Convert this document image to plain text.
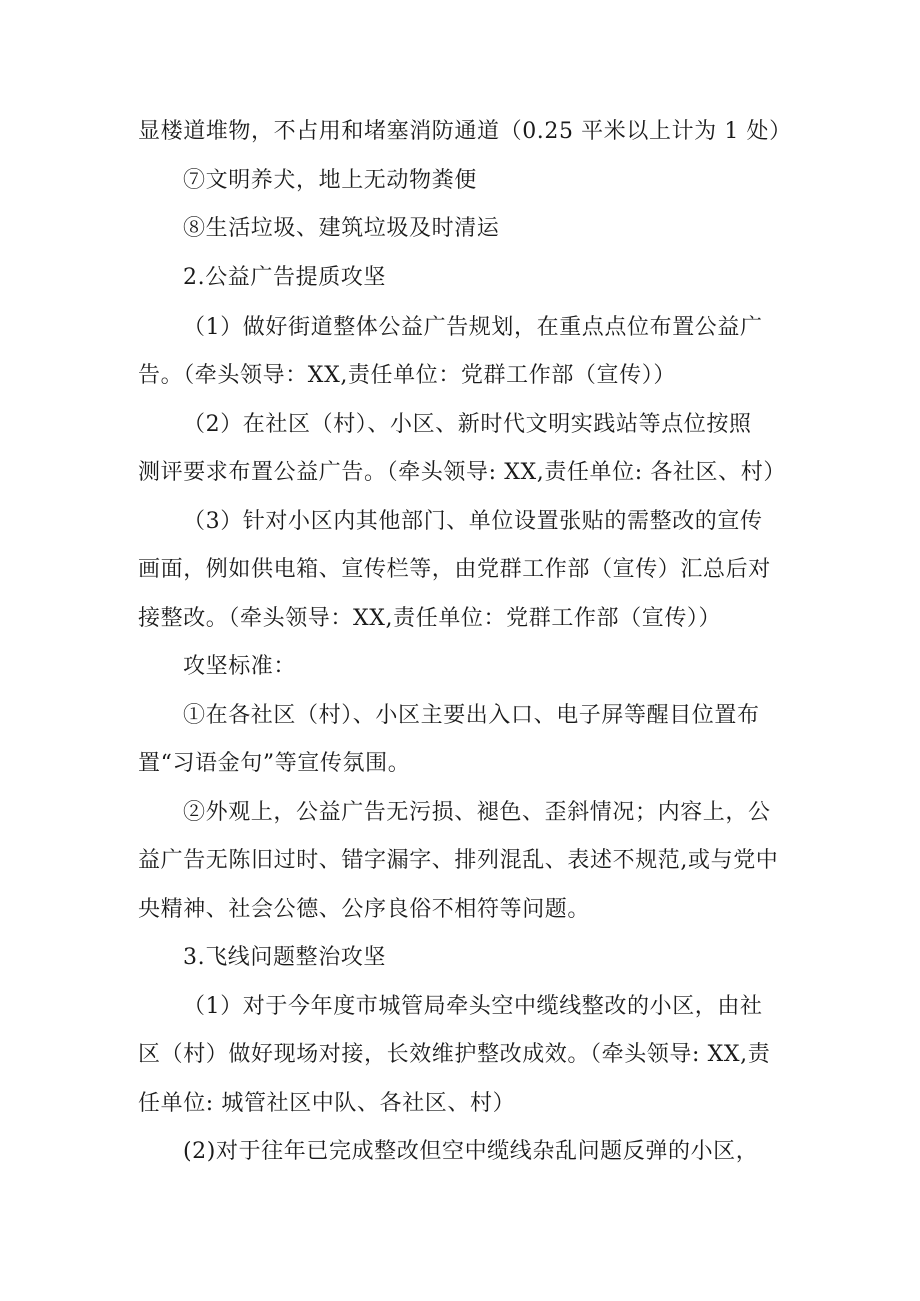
显楼道堆物，不占用和堵塞消防通道（0.25 平米以上计为 1 处）
⑦文明养犬，地上无动物粪便
⑧生活垃圾、建筑垃圾及时清运
2.公益广告提质攻坚
（1）做好街道整体公益广告规划，在重点点位布置公益广
告。（牵头领导：XX,责任单位：党群工作部（宣传））
（2）在社区（村）、小区、新时代文明实践站等点位按照
测评要求布置公益广告。（牵头领导: XX,责任单位: 各社区、村）
（3）针对小区内其他部门、单位设置张贴的需整改的宣传
画面，例如供电箱、宣传栏等，由党群工作部（宣传）汇总后对
接整改。（牵头领导：XX,责任单位：党群工作部（宣传））
攻坚标准：
①在各社区（村）、小区主要出入口、电子屏等醒目位置布
置“习语金句”等宣传氛围。
②外观上，公益广告无污损、褪色、歪斜情况；内容上，公
益广告无陈旧过时、错字漏字、排列混乱、表述不规范,或与党中
央精神、社会公德、公序良俗不相符等问题。
3.飞线问题整治攻坚
（1）对于今年度市城管局牵头空中缆线整改的小区，由社
区（村）做好现场对接，长效维护整改成效。（牵头领导: XX,责
任单位: 城管社区中队、各社区、村）
(2)对于往年已完成整改但空中缆线杂乱问题反弹的小区，
